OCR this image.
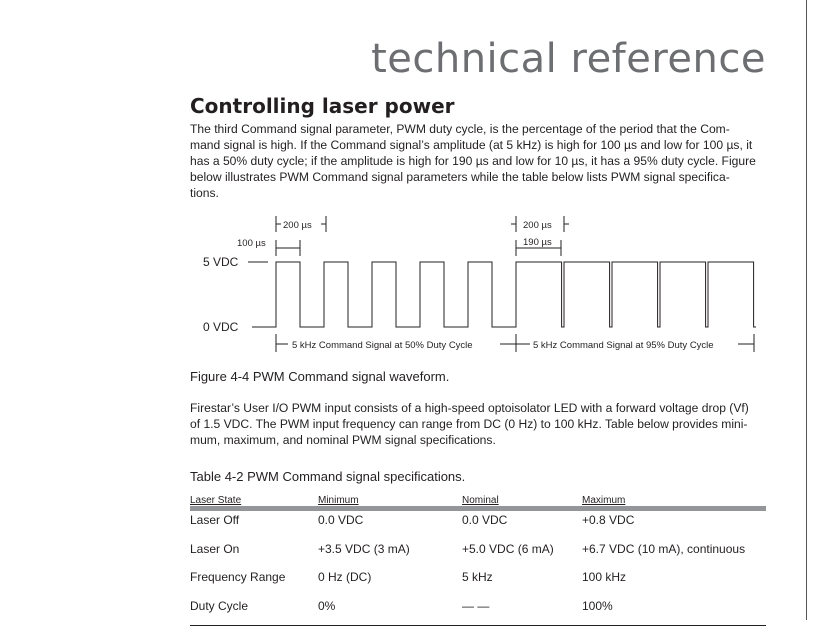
technical reference
Controlling laser power
The third Command signal parameter, PWM duty cycle, is the percentage of the period that the Com-
mand signal is high. If the Command signal’s amplitude (at 5 kHz) is high for 100 µs and low for 100 µs, it
has a 50% duty cycle; if the amplitude is high for 190 µs and low for 10 µs, it has a 95% duty cycle. Figure
below illustrates PWM Command signal parameters while the table below lists PWM signal specifica-
tions.
200 µs
100 µs
200 µs
190 µs
5 VDC
0 VDC
5 kHz Command Signal at 50% Duty Cycle	5 kHz Command Signal at 95% Duty Cycle
Figure 4-4 PWM Command signal waveform.
Firestar’s User I/O PWM input consists of a high-speed optoisolator LED with a forward voltage drop (Vf)
of 1.5 VDC. The PWM input frequency can range from DC (0 Hz) to 100 kHz. Table below provides mini-
mum, maximum, and nominal PWM signal specifications.
Table 4-2 PWM Command signal specifications.
Laser State	Minimum	Nominal	Maximum
Laser Off	0.0 VDC	0.0 VDC	+0.8 VDC
Laser On	+3.5 VDC (3 mA)	+5.0 VDC (6 mA)	+6.7 VDC (10 mA), continuous
Frequency Range	0 Hz (DC)	5 kHz	100 kHz
Duty Cycle	0%	— —	100%
